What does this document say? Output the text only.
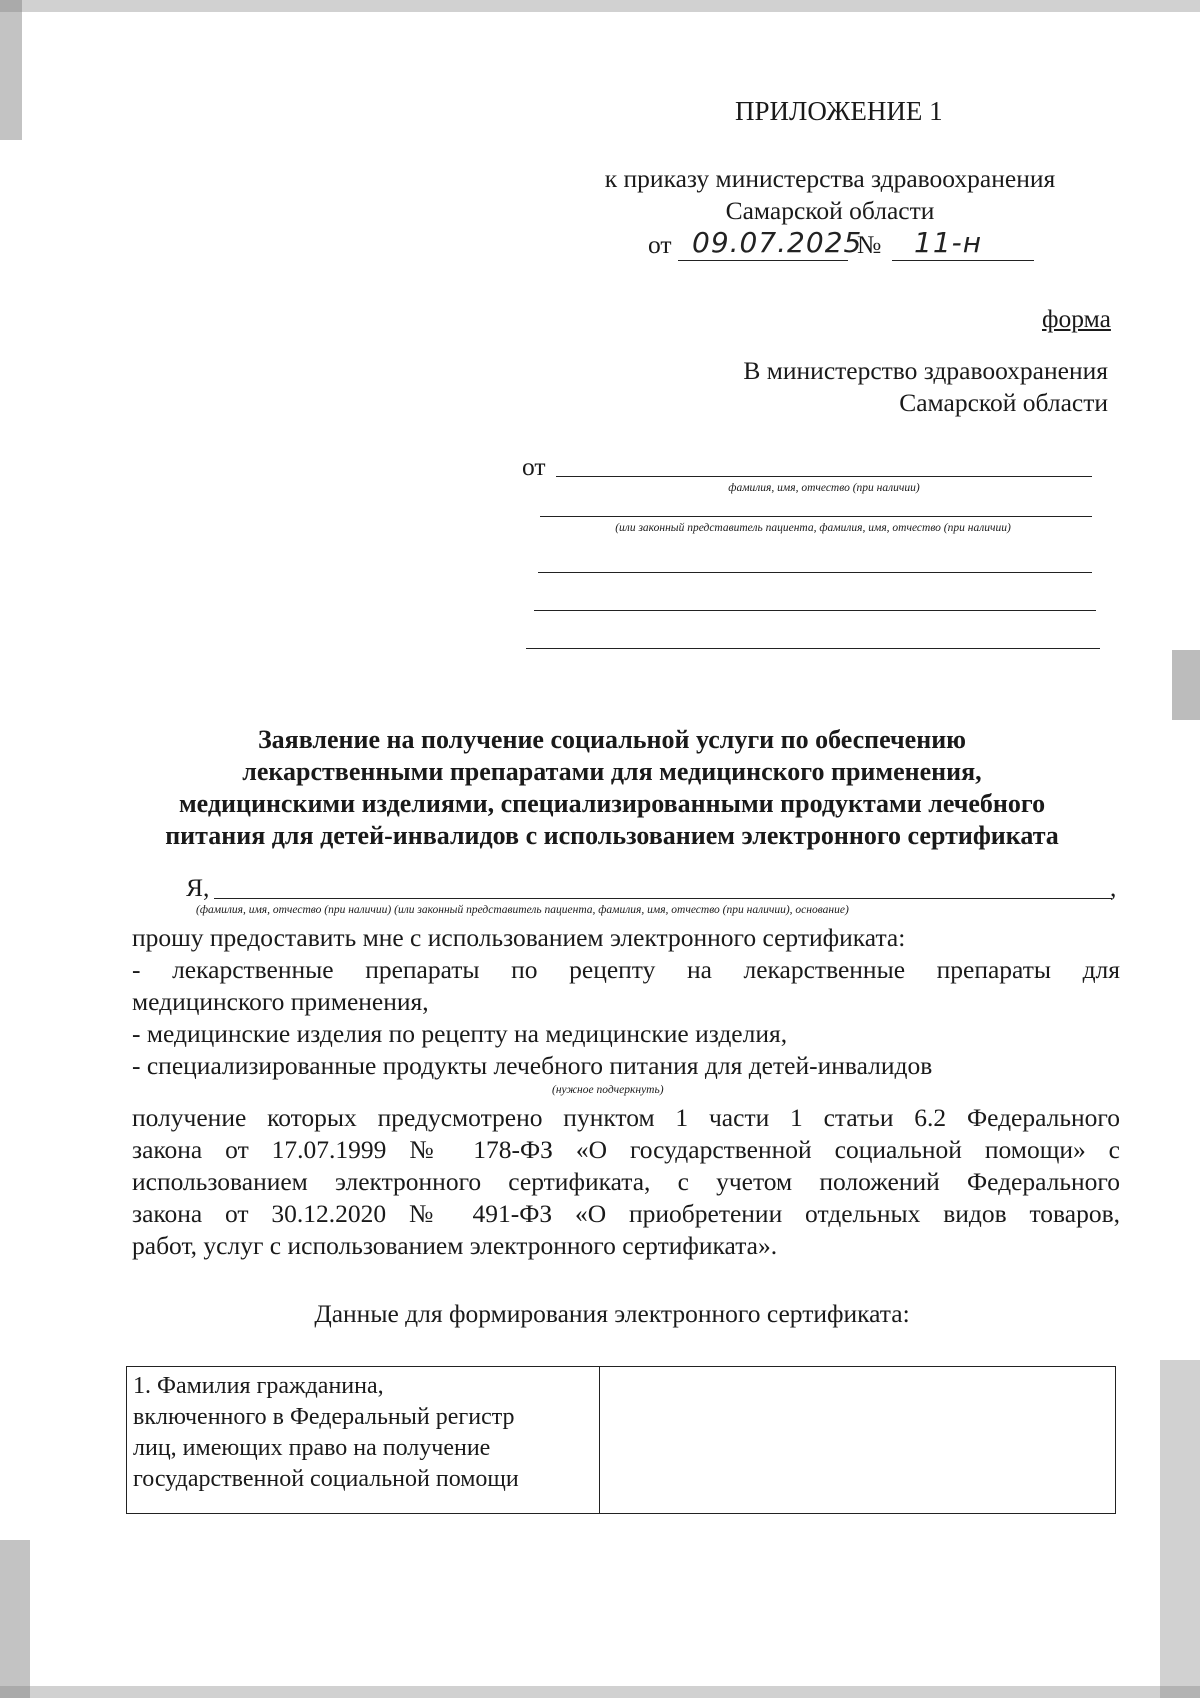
ПРИЛОЖЕНИЕ 1
к приказу министерства здравоохранения
Самарской области
от 09.07.2025
№ 11-н
форма
В министерство здравоохранения
Самарской области
от
фамилия, имя, отчество (при наличии)
(или законный представитель пациента, фамилия, имя, отчество (при наличии)
Заявление на получение социальной услуги по обеспечению
лекарственными препаратами для медицинского применения,
медицинскими изделиями, специализированными продуктами лечебного
питания для детей-инвалидов с использованием электронного сертификата
Я,	,
(фамилия, имя, отчество (при наличии) (или законный представитель пациента, фамилия, имя, отчество (при наличии), основание)
прошу предоставить мне с использованием электронного сертификата:
- лекарственные препараты по рецепту на лекарственные препараты для
медицинского применения,
- медицинские изделия по рецепту на медицинские изделия,
- специализированные продукты лечебного питания для детей-инвалидов
(нужное подчеркнуть)
получение которых предусмотрено пунктом 1 части 1 статьи 6.2 Федерального
закона от 17.07.1999 № 178-ФЗ «О государственной социальной помощи» с
использованием электронного сертификата, с учетом положений Федерального
закона от 30.12.2020 № 491-ФЗ «О приобретении отдельных видов товаров,
работ, услуг с использованием электронного сертификата».
Данные для формирования электронного сертификата:
1. Фамилия гражданина,
включенного в Федеральный регистр
лиц, имеющих право на получение
государственной социальной помощи
